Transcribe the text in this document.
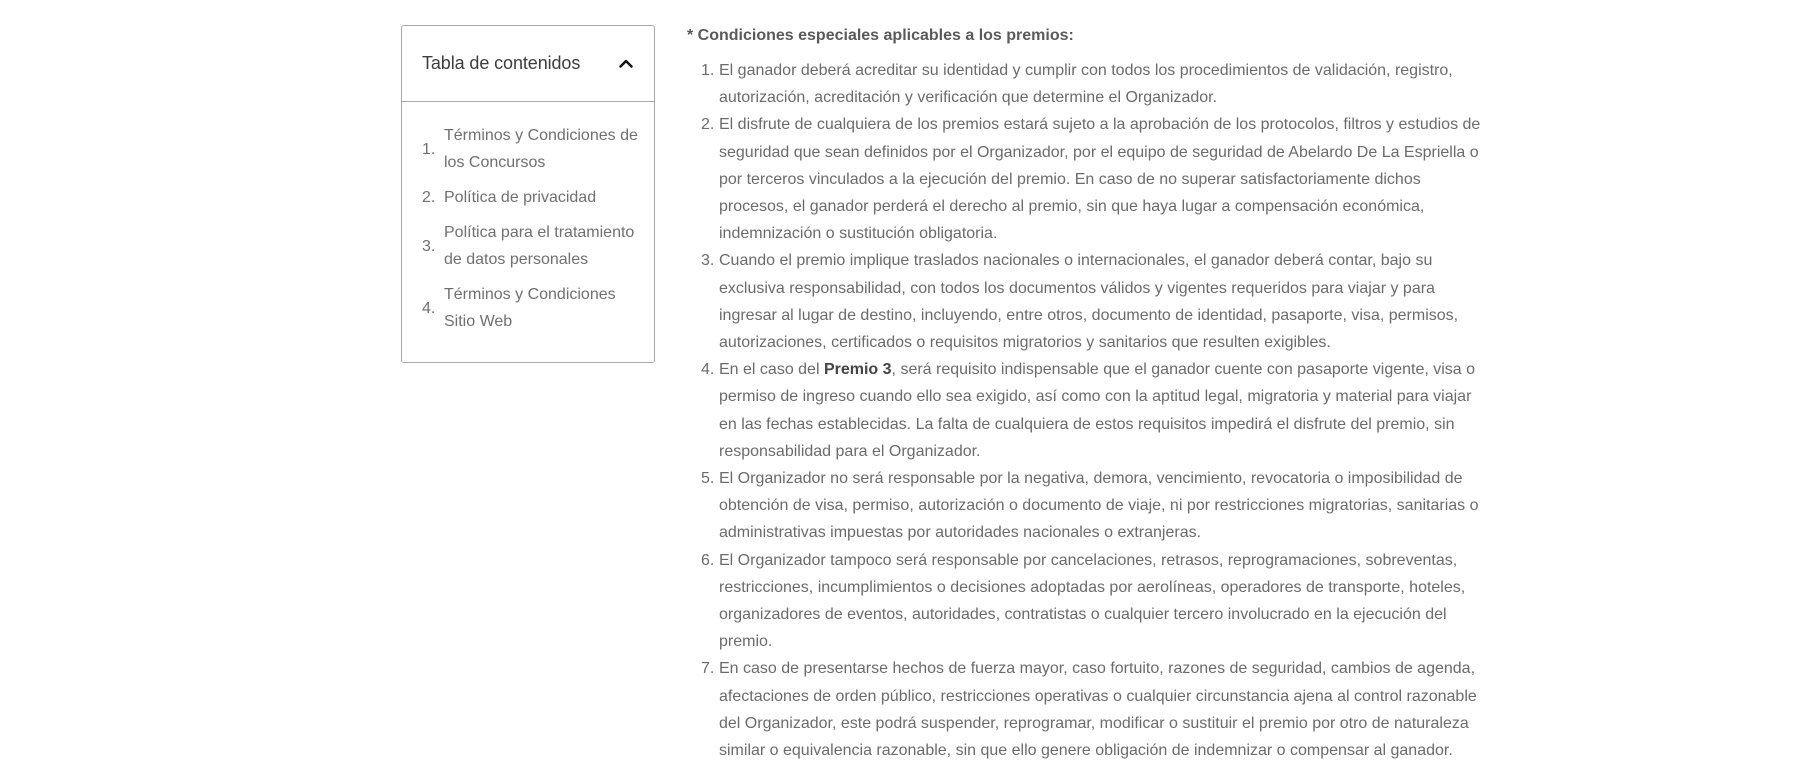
Tabla de contenidos
1.
Términos y Condiciones de los Concursos
2. Política de privacidad
3.
Política para el tratamiento de datos personales
4.
Términos y Condiciones Sitio Web

* Condiciones especiales aplicables a los premios:

1. El ganador deberá acreditar su identidad y cumplir con todos los procedimientos de validación, registro, autorización, acreditación y verificación que determine el Organizador.
2. El disfrute de cualquiera de los premios estará sujeto a la aprobación de los protocolos, filtros y estudios de seguridad que sean definidos por el Organizador, por el equipo de seguridad de Abelardo De La Espriella o por terceros vinculados a la ejecución del premio. En caso de no superar satisfactoriamente dichos procesos, el ganador perderá el derecho al premio, sin que haya lugar a compensación económica, indemnización o sustitución obligatoria.
3. Cuando el premio implique traslados nacionales o internacionales, el ganador deberá contar, bajo su exclusiva responsabilidad, con todos los documentos válidos y vigentes requeridos para viajar y para ingresar al lugar de destino, incluyendo, entre otros, documento de identidad, pasaporte, visa, permisos, autorizaciones, certificados o requisitos migratorios y sanitarios que resulten exigibles.
4. En el caso del Premio 3, será requisito indispensable que el ganador cuente con pasaporte vigente, visa o permiso de ingreso cuando ello sea exigido, así como con la aptitud legal, migratoria y material para viajar en las fechas establecidas. La falta de cualquiera de estos requisitos impedirá el disfrute del premio, sin responsabilidad para el Organizador.
5. El Organizador no será responsable por la negativa, demora, vencimiento, revocatoria o imposibilidad de obtención de visa, permiso, autorización o documento de viaje, ni por restricciones migratorias, sanitarias o administrativas impuestas por autoridades nacionales o extranjeras.
6. El Organizador tampoco será responsable por cancelaciones, retrasos, reprogramaciones, sobreventas, restricciones, incumplimientos o decisiones adoptadas por aerolíneas, operadores de transporte, hoteles, organizadores de eventos, autoridades, contratistas o cualquier tercero involucrado en la ejecución del premio.
7. En caso de presentarse hechos de fuerza mayor, caso fortuito, razones de seguridad, cambios de agenda, afectaciones de orden público, restricciones operativas o cualquier circunstancia ajena al control razonable del Organizador, este podrá suspender, reprogramar, modificar o sustituir el premio por otro de naturaleza similar o equivalencia razonable, sin que ello genere obligación de indemnizar o compensar al ganador.
